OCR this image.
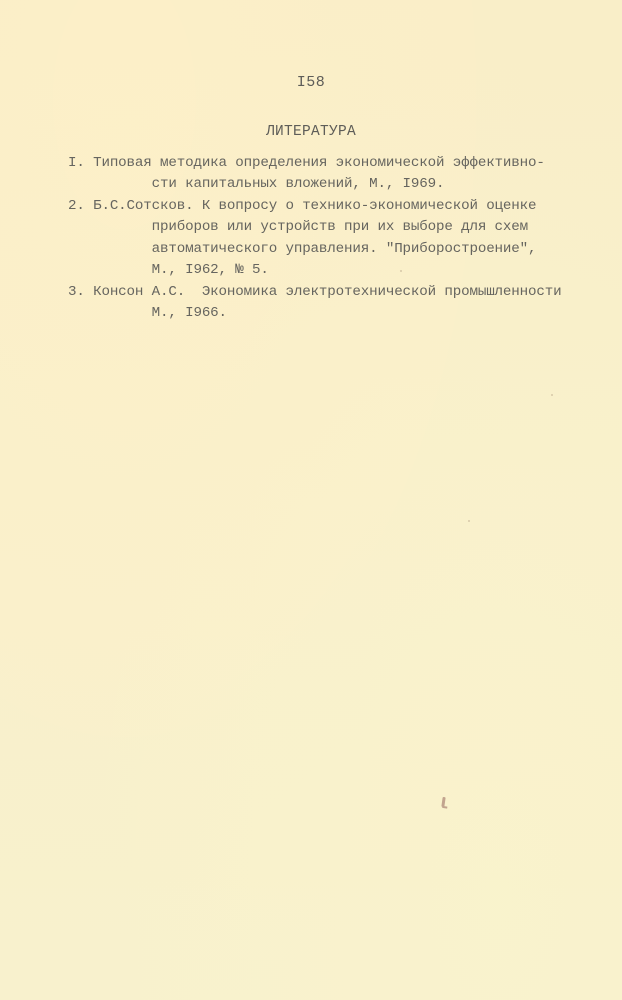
I58
ЛИТЕРАТУРА
I. Типовая методика определения экономической эффективно-
сти капитальных вложений, М., I969.
2. Б.С.Сотсков. К вопросу о технико-экономической оценке
приборов или устройств при их выборе для схем
автоматического управления. "Приборостроение",
М., I962, № 5.
3. Консон А.С.  Экономика электротехнической промышленности
М., I966.
